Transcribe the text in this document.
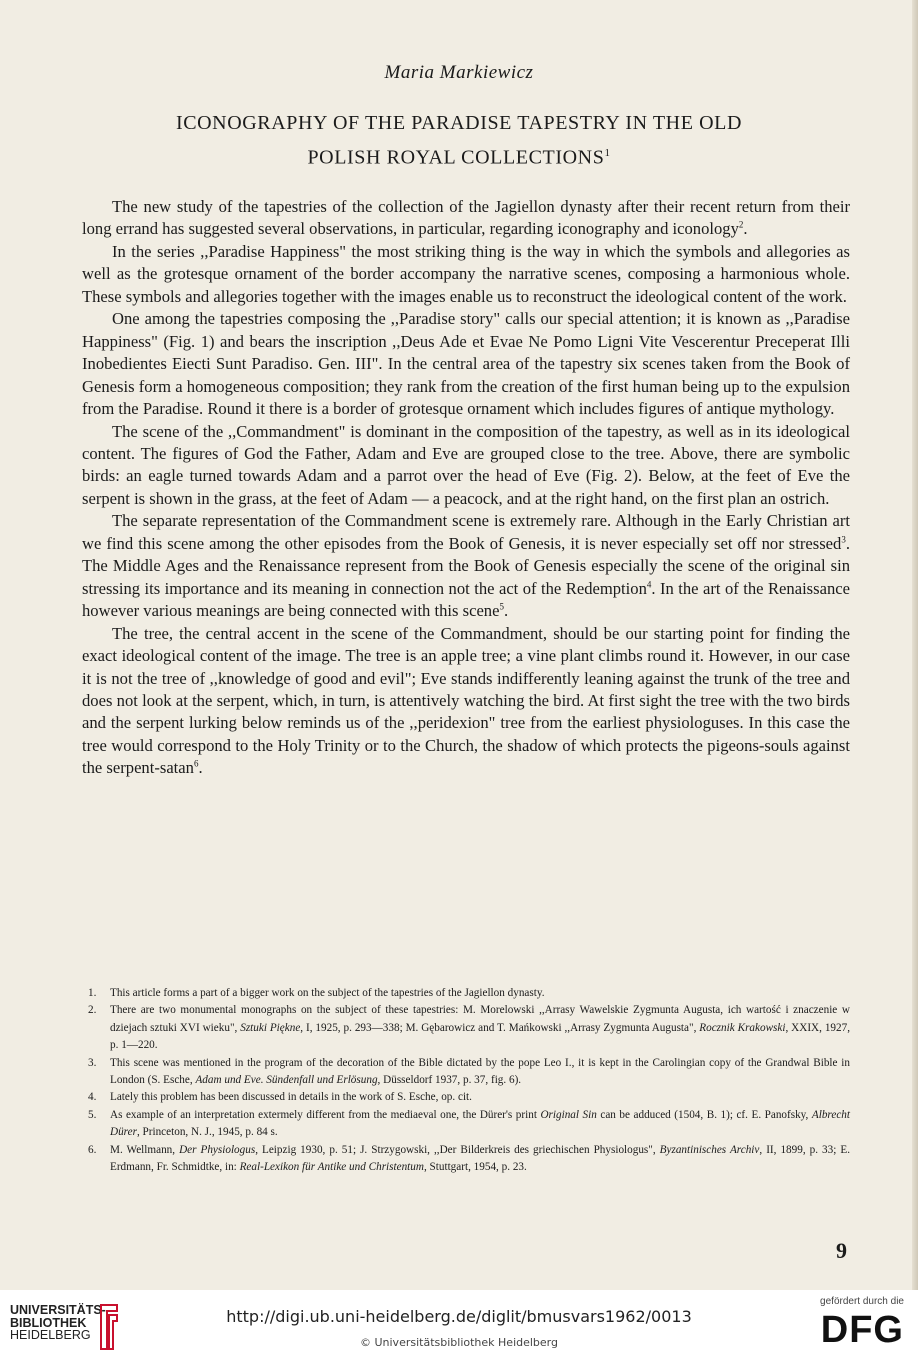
Maria Markiewicz
ICONOGRAPHY OF THE PARADISE TAPESTRY IN THE OLD
POLISH ROYAL COLLECTIONS$^1$

The new study of the tapestries of the collection of the Jagiellon dynasty after their recent return from their long errand has suggested several observations, in particular, regarding iconography and iconology$^2$.

In the series ,,Paradise Happiness" the most striking thing is the way in which the symbols and allegories as well as the grotesque ornament of the border accompany the narrative scenes, composing a harmonious whole. These symbols and allegories together with the images enable us to reconstruct the ideological content of the work.

One among the tapestries composing the ,,Paradise story" calls our special attention; it is known as ,,Paradise Happiness" (Fig. 1) and bears the inscription ,,Deus Ade et Evae Ne Pomo Ligni Vite Vescerentur Preceperat Illi Inobedientes Eiecti Sunt Paradiso. Gen. III". In the central area of the tapestry six scenes taken from the Book of Genesis form a homogeneous composition; they rank from the creation of the first human being up to the expulsion from the Paradise. Round it there is a border of grotesque ornament which includes figures of antique mythology.

The scene of the ,,Commandment" is dominant in the composition of the tapestry, as well as in its ideological content. The figures of God the Father, Adam and Eve are grouped close to the tree. Above, there are symbolic birds: an eagle turned towards Adam and a parrot over the head of Eve (Fig. 2). Below, at the feet of Eve the serpent is shown in the grass, at the feet of Adam — a peacock, and at the right hand, on the first plan an ostrich.

The separate representation of the Commandment scene is extremely rare. Although in the Early Christian art we find this scene among the other episodes from the Book of Genesis, it is never especially set off nor stressed$^3$. The Middle Ages and the Renaissance represent from the Book of Genesis especially the scene of the original sin stressing its importance and its meaning in connection not the act of the Redemption$^4$. In the art of the Renaissance however various meanings are being connected with this scene$^5$.

The tree, the central accent in the scene of the Commandment, should be our starting point for finding the exact ideological content of the image. The tree is an apple tree; a vine plant climbs round it. However, in our case it is not the tree of ,,knowledge of good and evil"; Eve stands indifferently leaning against the trunk of the tree and does not look at the serpent, which, in turn, is attentively watching the bird. At first sight the tree with the two birds and the serpent lurking below reminds us of the ,,peridexion" tree from the earliest physiologuses. In this case the tree would correspond to the Holy Trinity or to the Church, the shadow of which protects the pigeons-souls against the serpent-satan$^6$.

1.	This article forms a part of a bigger work on the subject of the tapestries of the Jagiellon dynasty.
2.	There are two monumental monographs on the subject of these tapestries: M. Morelowski ,,Arrasy Wawelskie Zygmunta Augusta, ich wartość i znaczenie w dziejach sztuki XVI wieku", Sztuki Piękne, I, 1925, p. 293—338; M. Gębarowicz and T. Mańkowski ,,Arrasy Zygmunta Augusta", Rocznik Krakowski, XXIX, 1927, p. 1—220.
3.	This scene was mentioned in the program of the decoration of the Bible dictated by the pope Leo I., it is kept in the Carolingian copy of the Grandwal Bible in London (S. Esche, Adam und Eve. Sündenfall und Erlösung, Düsseldorf 1937, p. 37, fig. 6).
4.	Lately this problem has been discussed in details in the work of S. Esche, op. cit.
5.	As example of an interpretation extermely different from the mediaeval one, the Dürer's print Original Sin can be adduced (1504, B. 1); cf. E. Panofsky, Albrecht Dürer, Princeton, N. J., 1945, p. 84 s.
6.	M. Wellmann, Der Physiologus, Leipzig 1930, p. 51; J. Strzygowski, ,,Der Bilderkreis des griechischen Physiologus", Byzantinisches Archiv, II, 1899, p. 33; E. Erdmann, Fr. Schmidtke, in: Real-Lexikon für Antike und Christentum, Stuttgart, 1954, p. 23.
9
UNIVERSITÄTS-
BIBLIOTHEK
HEIDELBERG
http://digi.ub.uni-heidelberg.de/diglit/bmusvars1962/0013
© Universitätsbibliothek Heidelberg
gefördert durch die
DFG
